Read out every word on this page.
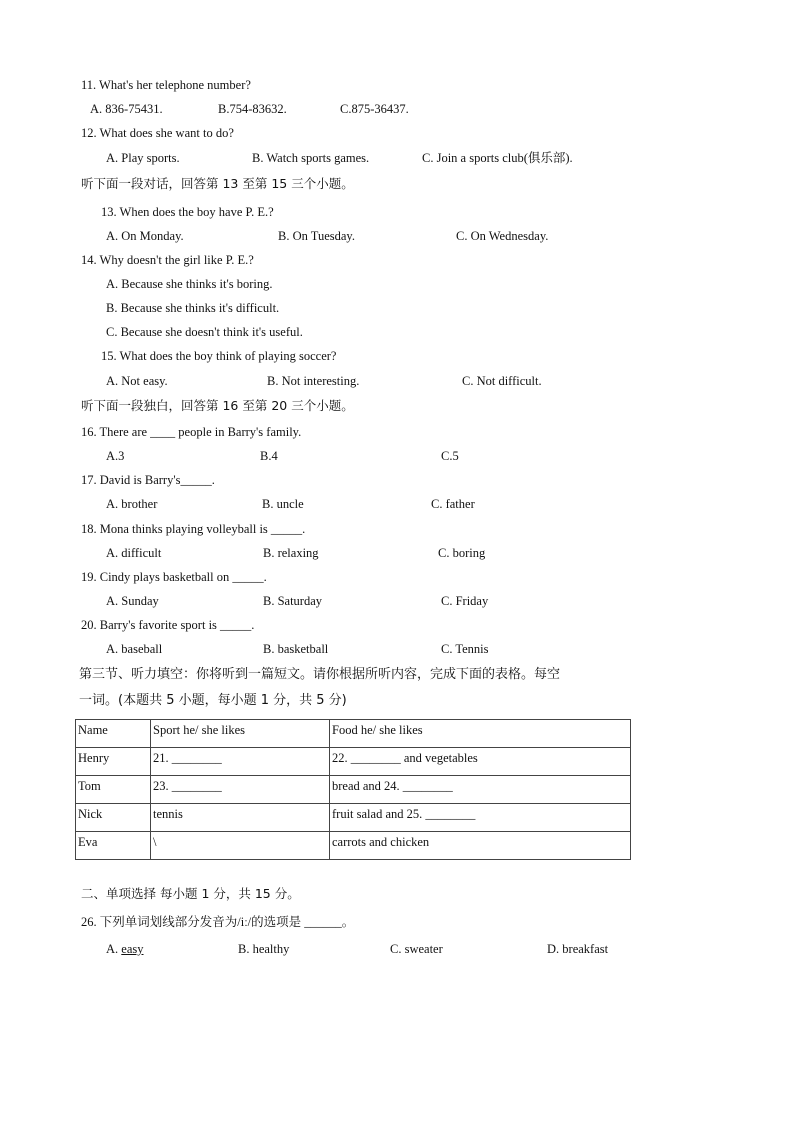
11. What's her telephone number?
A. 836-75431.	B.754-83632.	C.875-36437.
12. What does she want to do?
A. Play sports.	B. Watch sports games.	C. Join a sports club(俱乐部).
听下面一段对话，回答第 13 至第 15 三个小题。
13. When does the boy have P. E.?
A. On Monday.	B. On Tuesday.	C. On Wednesday.
14. Why doesn't the girl like P. E.?
A. Because she thinks it's boring.
B. Because she thinks it's difficult.
C. Because she doesn't think it's useful.
15. What does the boy think of playing soccer?
A. Not easy.	B. Not interesting.	C. Not difficult.
听下面一段独白，回答第 16 至第 20 三个小题。
16. There are ____ people in Barry's family.
A.3	B.4	C.5
17. David is Barry's_____.
A. brother	B. uncle	C. father
18. Mona thinks playing volleyball is _____.
A. difficult	B. relaxing	C. boring
19. Cindy plays basketball on _____.
A. Sunday	B. Saturday	C. Friday
20. Barry's favorite sport is _____.
A. baseball	B. basketball	C. Tennis
第三节、听力填空：你将听到一篇短文。请你根据所听内容，完成下面的表格。每空
一词。(本题共 5 小题，每小题 1 分，共 5 分)
Name	Sport he/ she likes	Food he/ she likes
Henry	21. ________	22. ________ and vegetables
Tom	23. ________	bread and 24. ________
Nick	tennis	fruit salad and 25. ________
Eva	\	carrots and chicken
二、单项选择 每小题 1 分，共 15 分。
26. 下列单词划线部分发音为/iː/的选项是 ______。
A. easy	B. healthy	C. sweater	D. breakfast
